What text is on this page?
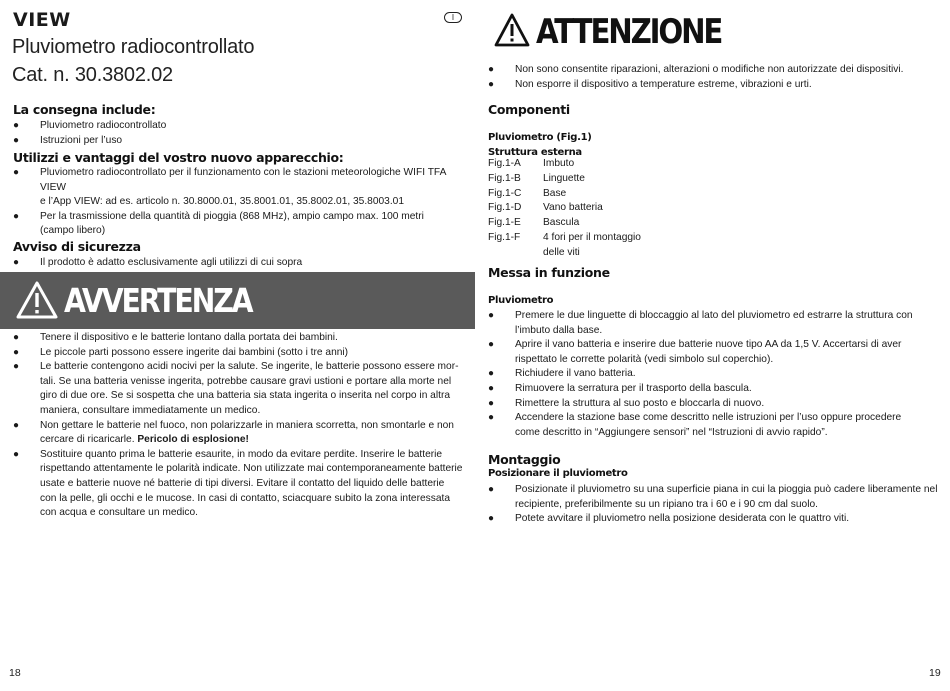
VIEW	I
Pluviometro radiocontrollato
Cat. n. 30.3802.02
La consegna include:
●	Pluviometro radiocontrollato
●	Istruzioni per l’uso
Utilizzi e vantaggi del vostro nuovo apparecchio:
●	Pluviometro radiocontrollato per il funzionamento con le stazioni meteorologiche WIFI TFA VIEW
e l’App VIEW: ad es. articolo n. 30.8000.01, 35.8001.01, 35.8002.01, 35.8003.01
●	Per la trasmissione della quantità di pioggia (868 MHz), ampio campo max. 100 metri
(campo libero)
Avviso di sicurezza
●	Il prodotto è adatto esclusivamente agli utilizzi di cui sopra
AVVERTENZA
●	Tenere il dispositivo e le batterie lontano dalla portata dei bambini.
●	Le piccole parti possono essere ingerite dai bambini (sotto i tre anni)
●	Le batterie contengono acidi nocivi per la salute. Se ingerite, le batterie possono essere mor-
tali. Se una batteria venisse ingerita, potrebbe causare gravi ustioni e portare alla morte nel
giro di due ore. Se si sospetta che una batteria sia stata ingerita o inserita nel corpo in altra
maniera, consultare immediatamente un medico.
●	Non gettare le batterie nel fuoco, non polarizzarle in maniera scorretta, non smontarle e non
cercare di ricaricarle. Pericolo di esplosione!
●	Sostituire quanto prima le batterie esaurite, in modo da evitare perdite. Inserire le batterie
rispettando attentamente le polarità indicate. Non utilizzate mai contemporaneamente batterie
usate e batterie nuove né batterie di tipi diversi. Evitare il contatto del liquido delle batterie
con la pelle, gli occhi e le mucose. In casi di contatto, sciacquare subito la zona interessata
con acqua e consultare un medico.
18
ATTENZIONE
●	Non sono consentite riparazioni, alterazioni o modifiche non autorizzate dei dispositivi.
●	Non esporre il dispositivo a temperature estreme, vibrazioni e urti.
Componenti
Pluviometro (Fig.1)
Struttura esterna
Fig.1-A	Imbuto
Fig.1-B	Linguette
Fig.1-C	Base
Fig.1-D	Vano batteria
Fig.1-E	Bascula
Fig.1-F	4 fori per il montaggio
delle viti
Messa in funzione
Pluviometro
●	Premere le due linguette di bloccaggio al lato del pluviometro ed estrarre la struttura con
l’imbuto dalla base.
●	Aprire il vano batteria e inserire due batterie nuove tipo AA da 1,5 V. Accertarsi di aver
rispettato le corrette polarità (vedi simbolo sul coperchio).
●	Richiudere il vano batteria.
●	Rimuovere la serratura per il trasporto della bascula.
●	Rimettere la struttura al suo posto e bloccarla di nuovo.
●	Accendere la stazione base come descritto nelle istruzioni per l’uso oppure procedere
come descritto in “Aggiungere sensori” nel “Istruzioni di avvio rapido”.
Montaggio
Posizionare il pluviometro
●	Posizionate il pluviometro su una superficie piana in cui la pioggia può cadere liberamente nel
recipiente, preferibilmente su un ripiano tra i 60 e i 90 cm dal suolo.
●	Potete avvitare il pluviometro nella posizione desiderata con le quattro viti.
19
